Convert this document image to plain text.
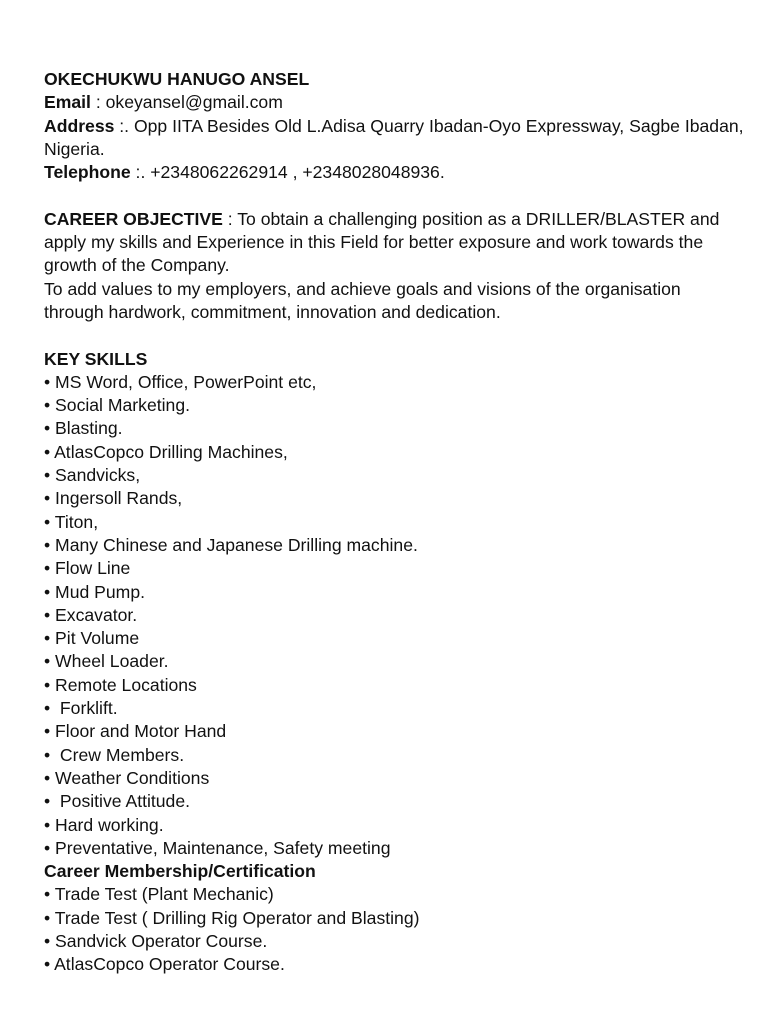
OKECHUKWU HANUGO ANSEL
Email : okeyansel@gmail.com
Address :. Opp IITA Besides Old L.Adisa Quarry Ibadan-Oyo Expressway, Sagbe Ibadan, Nigeria.
Telephone :. +2348062262914 , +2348028048936.
CAREER OBJECTIVE : To obtain a challenging position as a DRILLER/BLASTER and apply my skills and Experience in this Field for better exposure and work towards the growth of the Company.
To add values to my employers, and achieve goals and visions of the organisation through hardwork, commitment, innovation and dedication.
KEY SKILLS
• MS Word, Office, PowerPoint etc,
• Social Marketing.
• Blasting.
• AtlasCopco Drilling Machines,
• Sandvicks,
• Ingersoll Rands,
• Titon,
• Many Chinese and Japanese Drilling machine.
• Flow Line
• Mud Pump.
• Excavator.
• Pit Volume
• Wheel Loader.
• Remote Locations
•  Forklift.
• Floor and Motor Hand
•  Crew Members.
• Weather Conditions
•  Positive Attitude.
• Hard working.
• Preventative, Maintenance, Safety meeting
Career Membership/Certification
• Trade Test (Plant Mechanic)
• Trade Test ( Drilling Rig Operator and Blasting)
• Sandvick Operator Course.
• AtlasCopco Operator Course.
